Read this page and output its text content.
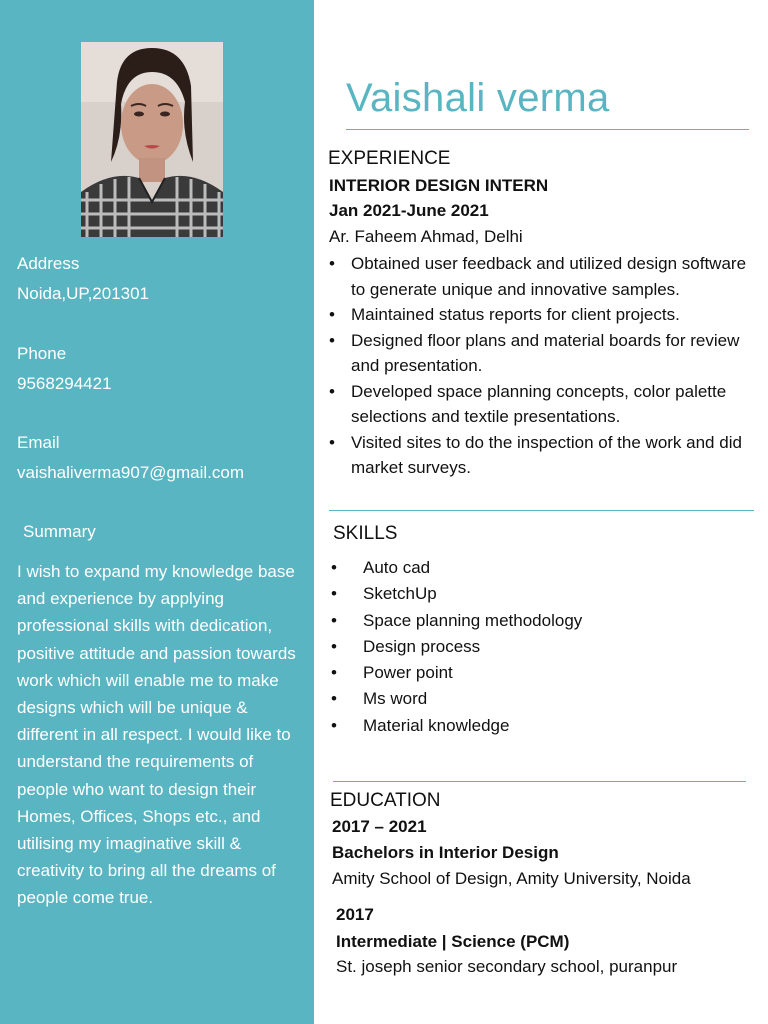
Address
Noida,UP,201301
Phone
9568294421
Email
vaishaliverma907@gmail.com
Summary
I wish to expand my knowledge base and experience by applying professional skills with dedication, positive attitude and passion towards work which will enable me to make designs which will be unique & different in all respect. I would like to understand the requirements of people who want to design their Homes, Offices, Shops etc., and utilising my imaginative skill & creativity to bring all the dreams of people come true.
Vaishali verma
EXPERIENCE
INTERIOR DESIGN INTERN
Jan 2021-June 2021
Ar. Faheem Ahmad, Delhi
• Obtained user feedback and utilized design software to generate unique and innovative samples.
• Maintained status reports for client projects.
• Designed floor plans and material boards for review and presentation.
• Developed space planning concepts, color palette selections and textile presentations.
• Visited sites to do the inspection of the work and did market surveys.
SKILLS
• Auto cad
• SketchUp
• Space planning methodology
• Design process
• Power point
• Ms word
• Material knowledge
EDUCATION
2017 – 2021
Bachelors in Interior Design
Amity School of Design, Amity University, Noida
2017
Intermediate | Science (PCM)
St. joseph senior secondary school, puranpur
